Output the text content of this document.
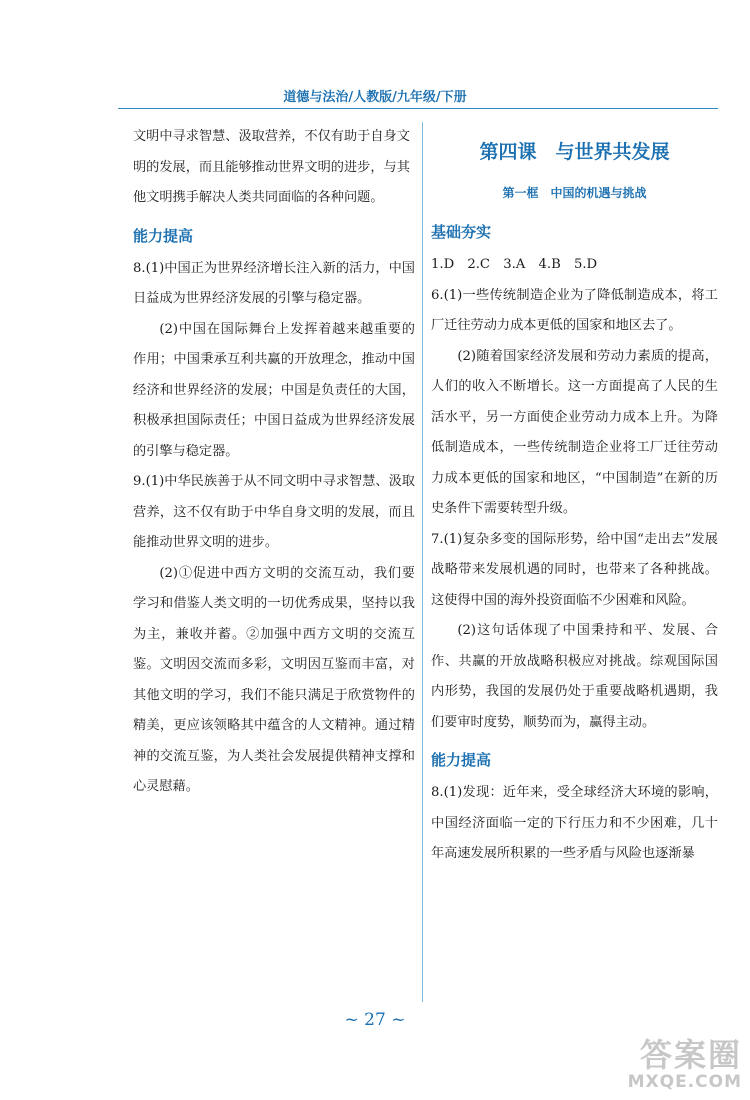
道德与法治/人教版/九年级/下册

文明中寻求智慧、汲取营养，不仅有助于自身文

明的发展，而且能够推动世界文明的进步，与其

他文明携手解决人类共同面临的各种问题。

能力提高

8.(1)中国正为世界经济增长注入新的活力，中国日益成为世界经济发展的引擎与稳定器。

(2)中国在国际舞台上发挥着越来越重要的作用；中国秉承互利共赢的开放理念，推动中国经济和世界经济的发展；中国是负责任的大国，积极承担国际责任；中国日益成为世界经济发展的引擎与稳定器。

9.(1)中华民族善于从不同文明中寻求智慧、汲取营养，这不仅有助于中华自身文明的发展，而且能推动世界文明的进步。

(2)①促进中西方文明的交流互动，我们要学习和借鉴人类文明的一切优秀成果，坚持以我为主，兼收并蓄。②加强中西方文明的交流互鉴。文明因交流而多彩，文明因互鉴而丰富，对其他文明的学习，我们不能只满足于欣赏物件的精美，更应该领略其中蕴含的人文精神。通过精神的交流互鉴，为人类社会发展提供精神支撑和心灵慰藉。

第四课　与世界共发展
第一框　中国的机遇与挑战
基础夯实

1.D　2.C　3.A　4.B　5.D

6.(1)一些传统制造企业为了降低制造成本，将工厂迁往劳动力成本更低的国家和地区去了。

(2)随着国家经济发展和劳动力素质的提高，人们的收入不断增长。这一方面提高了人民的生活水平，另一方面使企业劳动力成本上升。为降低制造成本，一些传统制造企业将工厂迁往劳动力成本更低的国家和地区，“中国制造”在新的历史条件下需要转型升级。

7.(1)复杂多变的国际形势，给中国“走出去”发展战略带来发展机遇的同时，也带来了各种挑战。这使得中国的海外投资面临不少困难和风险。

(2)这句话体现了中国秉持和平、发展、合作、共赢的开放战略积极应对挑战。综观国际国内形势，我国的发展仍处于重要战略机遇期，我们要审时度势，顺势而为，赢得主动。

能力提高

8.(1)发现：近年来，受全球经济大环境的影响，中国经济面临一定的下行压力和不少困难，几十年高速发展所积累的一些矛盾与风险也逐渐暴

~ 27 ~
答案圈
MXQE.COM
